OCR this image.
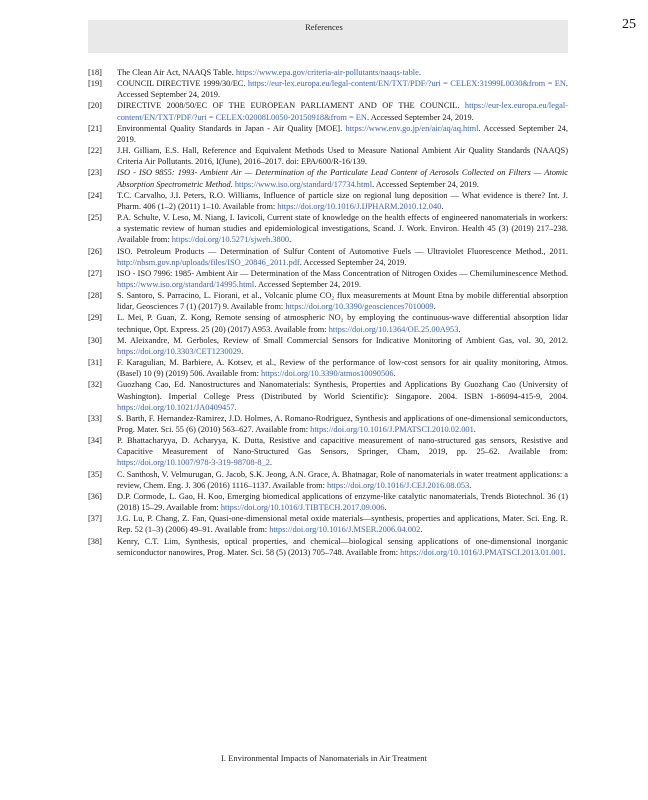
References	25
[18] The Clean Air Act, NAAQS Table. https://www.epa.gov/criteria-air-pollutants/naaqs-table.
[19] COUNCIL DIRECTIVE 1999/30/EC. https://eur-lex.europa.eu/legal-content/EN/TXT/PDF/?uri = CELEX:31999L0030&from = EN. Accessed September 24, 2019.
[20] DIRECTIVE 2008/50/EC OF THE EUROPEAN PARLIAMENT AND OF THE COUNCIL. https://eur-lex.europa.eu/legal-content/EN/TXT/PDF/?uri = CELEX:02008L0050-20150918&from = EN. Accessed September 24, 2019.
[21] Environmental Quality Standards in Japan - Air Quality [MOE]. https://www.env.go.jp/en/air/aq/aq.html. Accessed September 24, 2019.
[22] J.H. Gilliam, E.S. Hall, Reference and Equivalent Methods Used to Measure National Ambient Air Quality Standards (NAAQS) Criteria Air Pollutants. 2016, I(June), 2016–2017. doi: EPA/600/R-16/139.
[23] ISO - ISO 9855: 1993- Ambient Air — Determination of the Particulate Lead Content of Aerosols Collected on Filters — Atomic Absorption Spectrometric Method. https://www.iso.org/standard/17734.html. Accessed September 24, 2019.
[24] T.C. Carvalho, J.I. Peters, R.O. Williams, Influence of particle size on regional lung deposition — What evidence is there? Int. J. Pharm. 406 (1–2) (2011) 1–10. Available from: https://doi.org/10.1016/J.IJPHARM.2010.12.040.
[25] P.A. Schulte, V. Leso, M. Niang, I. Iavicoli, Current state of knowledge on the health effects of engineered nanomaterials in workers: a systematic review of human studies and epidemiological investigations, Scand. J. Work. Environ. Health 45 (3) (2019) 217–238. Available from: https://doi.org/10.5271/sjweh.3800.
[26] ISO. Petroleum Products — Determination of Sulfur Content of Automotive Fuels — Ultraviolet Fluorescence Method., 2011. http://nbsm.gov.np/uploads/files/ISO_20846_2011.pdf. Accessed September 24, 2019.
[27] ISO - ISO 7996: 1985- Ambient Air — Determination of the Mass Concentration of Nitrogen Oxides — Chemiluminescence Method. https://www.iso.org/standard/14995.html. Accessed September 24, 2019.
[28] S. Santoro, S. Parracino, L. Fiorani, et al., Volcanic plume CO₂ flux measurements at Mount Etna by mobile differential absorption lidar, Geosciences 7 (1) (2017) 9. Available from: https://doi.org/10.3390/geosciences7010009.
[29] L. Mei, P. Guan, Z. Kong, Remote sensing of atmospheric NO₂ by employing the continuous-wave differential absorption lidar technique, Opt. Express. 25 (20) (2017) A953. Available from: https://doi.org/10.1364/OE.25.00A953.
[30] M. Aleixandre, M. Gerboles, Review of Small Commercial Sensors for Indicative Monitoring of Ambient Gas, vol. 30, 2012. https://doi.org/10.3303/CET1230029.
[31] F. Karagulian, M. Barbiere, A. Kotsev, et al., Review of the performance of low-cost sensors for air quality monitoring, Atmos. (Basel) 10 (9) (2019) 506. Available from: https://doi.org/10.3390/atmos10090506.
[32] Guozhang Cao, Ed. Nanostructures and Nanomaterials: Synthesis, Properties and Applications By Guozhang Cao (University of Washington). Imperial College Press (Distributed by World Scientific): Singapore. 2004. ISBN 1-86094-415-9, 2004. https://doi.org/10.1021/JA0409457.
[33] S. Barth, F. Hernandez-Ramirez, J.D. Holmes, A. Romano-Rodriguez, Synthesis and applications of one-dimensional semiconductors, Prog. Mater. Sci. 55 (6) (2010) 563–627. Available from: https://doi.org/10.1016/J.PMATSCI.2010.02.001.
[34] P. Bhattacharyya, D. Acharyya, K. Dutta, Resistive and capacitive measurement of nano-structured gas sensors, Resistive and Capacitive Measurement of Nano-Structured Gas Sensors, Springer, Cham, 2019, pp. 25–62. Available from: https://doi.org/10.1007/978-3-319-98708-8_2.
[35] C. Santhosh, V. Velmurugan, G. Jacob, S.K. Jeong, A.N. Grace, A. Bhatnagar, Role of nanomaterials in water treatment applications: a review, Chem. Eng. J. 306 (2016) 1116–1137. Available from: https://doi.org/10.1016/J.CEJ.2016.08.053.
[36] D.P. Cormode, L. Gao, H. Koo, Emerging biomedical applications of enzyme-like catalytic nanomaterials, Trends Biotechnol. 36 (1) (2018) 15–29. Available from: https://doi.org/10.1016/J.TIBTECH.2017.09.006.
[37] J.G. Lu, P. Chang, Z. Fan, Quasi-one-dimensional metal oxide materials—synthesis, properties and applications, Mater. Sci. Eng. R. Rep. 52 (1–3) (2006) 49–91. Available from: https://doi.org/10.1016/J.MSER.2006.04.002.
[38] Kenry, C.T. Lim, Synthesis, optical properties, and chemical—biological sensing applications of one-dimensional inorganic semiconductor nanowires, Prog. Mater. Sci. 58 (5) (2013) 705–748. Available from: https://doi.org/10.1016/J.PMATSCI.2013.01.001.
I. Environmental Impacts of Nanomaterials in Air Treatment
